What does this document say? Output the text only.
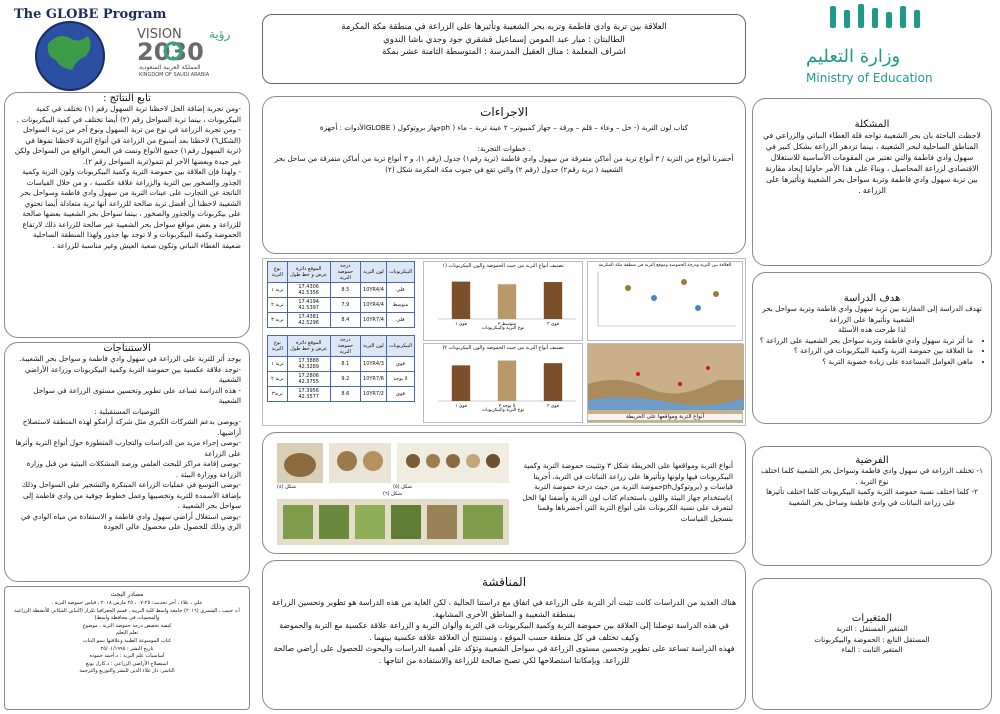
The GLOBE Program
VISION رؤية
2030
المملكة العربية السعودية
KINGDOM OF SAUDI ARABIA
وزارة التعليم
Ministry of Education
العلاقة بين تربة وادي فاطمة وتربه بحر الشعيبة وتأثيرها على الزراعة في منطقة مكة المكرمة
الطالبتان : ميار عبد المومن إسماعيل قشقري جود وجدي باشا الندوي
اشراف المعلمة : منال العقيل المدرسة : المتوسطة الثامنة عشر بمكة

تابع النتائج :

-ومن تجربة إضافة الخل لاحظنا تربة السهول رقم (١) تختلف في كمية البيكربونات ، بينما تربة السواحل رقم (٢) أيضا تختلف في كمية البيكربونات .

- ومن تجربة الزراعة في نوع من تربة السهول ونوع آخر من تربة السواحل (الشكل٦) لاحظنا بعد أسبوع من الزراعة في أنواع التربة لاحظنا نموها في (تربة السهول رقم١) جميع الأنواع ونمت في البعض الواقع من السواحل ولكن غير جيدة وبعضها الآخر لم تنمو(تربة السواحل رقم ٢).

- ولهذا فإن العلاقة بين حموضة التربة وكمية البيكربونات ولون التربة وكمية الجذور والصخور بين التربة والزراعة علاقة عكسية ، و من خلال القياسات الناتجة عن التجارب على عينات التربة من سهول وادي فاطمة وسواحل بحر الشعيبة لاحظنا أن أفضل تربة صالحة للزراعة أنها تربة متعادلة أيضا تحتوي على بيكربونات والجذور والصخور ، بينما سواحل بحر الشعيبة بعضها صالحة للزراعة و بعض مواقع سواحل بحر الشعيبة غير صالحة للزراعة ذلك لارتفاع الحموضة وكمية البيكربونات و لا توجد بها جذور ولهذا المنطقة الساحلية ضعيفة الغطاء النباتي وتكون صعبة العيش وغير مناسبة للزراعة .

الاستنتاجات

يوجد أثر للتربة على الزراعة في سهول وادي فاطمة و سواحل بحر الشعيبة.

-توجد علاقة عكسية بين حموضة التربة وكمية البيكربونات وزراعة الأراضي الشعبية

- هذه الدراسة تساعد على تطوير وتحسين مستوى الزراعة في سواحل الشعيبة

التوصيات المستقبلية :

-ويوصى بدعم الشركات الكبرى مثل شركة أرامكو لهذه المنطقة لاستصلاح أراضيها.

-يوصى إجراء مزيد من الدراسات والتجارب المتطورة حول أنواع التربة وأثرها على الزراعة

-يوصى إقامة مراكز للبحث العلمي ورصد المشكلات البيئية من قبل وزارة الزراعة ووزارة البيئة .

-يوصى التوسع في عمليات الزراعة المبتكرة والتشجير على السواحل وذلك بإضافة الأسمدة للتربة وتخصيبها وعمل خطوط جوفية من وادي فاطمة إلى سواحل بحر الشعيبة .

-يوصى استغلال أراضي سهول وادي فاطمة و الاستفادة من مياه الوادي في الري وذلك للحصول على محصول عالي الجودة

مصادر البحث

علي ، علاء ، آخر تحديث: ٠٧:٢٥ ، ٢٥ مارس ٢٠١٨ ، قياس حموضة التربة .

أ.د حبيب ، الشمري (٢٠١٦) جامعة واسط كلية التربية ، قسم الجغرافيا تكرار (التباين المكاني للأنشطة الزراعية والمحميات في محافظة واسط)

كيفية تخفيض درجة حموضة التربة ، موضوع

تعلم التعلم

كتاب الموسوعة الطبية وعلاقتها بنمو النبات

تاريخ النشر : ٢٥/٠١/١٩٩٥

أساسيات علم التربة : د.أحمد حموده

استصلاح الأراضي الزراعي : د.كارل يونغ

الناشر: دار علاء الدين للنشر والتوزيع والترجمة

الاجراءات

كتاب لون التربة (- خل – وعاء – قلم – ورقة – جهاز كمبيوتر– ٢ عينة تربة – ماء ( phجهاز بروتوكول ( GLOBEالأدوات : أجهزة

. خطوات التجربة:

أحضرنا أنواع من التربة / ٣ أنواع تربة من أماكن متفرقة من سهول وادي فاطمة (تربة رقم١) جدول (رقم ١)، و ٣ أنواع تربة من أماكن متفرقة من ساحل بحر الشعيبة ( تربة رقم٢) جدول (رقم ٢) والتي تقع في جنوب مكة المكرمة شكل (٢)

البيكربونات	لون التربة	درجة حموضة التربة	الموقع دائرة عرض و خط طول	نوع التربة
قلي	10YR4/4	8.5	17.4306 42.5356	تربة ١
متوسط	10YR4/4	7.9	17.4194 42.5397	تربة ٢
قلي	10YR7/4	8.4	17.4381 42.5296	تربة ٣
البيكربونات	لون التربة	درجة حموضة التربة	الموقع دائرة عرض و خط طول	نوع التربة
قوي	10YR4/3	8.1	17.3888 42.3289	تربة ١
لا يوجد	10YR7/6	9.2	17.2806 42.3755	تربة ٢
قوي	10YR7/2	8.6	17.3956 42.3577	تربة٣
تصنيف أنواع التربة من حيث الحموضة والون البيكربونات (١
قوي ١	متوسط ٢	قوي ٣
نوع التربة والبيكربونات
تصنيف أنواع التربة من حيث الحموضة والون البيكربونات ٢(
قوي ١	لا يوجد ٢	قوي ٣
نوع التربة والبيكربونات
العلاقة بين التربة ودرجة الحموضة وموقع التربة في منطقة مكة المكرمة
أنواع التربة ومواقعها على الخريطة

أنواع التربة ومواقعها على الخريطة شكل ٣ وتثبيت حموضة التربة وكمية البيكربونات فيها ولونها وتأثيرها على زراعة النباتات في التربة، أجرينا قياسات و (بروتوكولphحموضة التربة من حيث درجة حموضة التربة )باستخدام جهاز البيئة واللون باستخدام كتاب لون التربة وأضفنا لها الخل لنتعرف على نسبة الكربونات على أنواع التربة التي أحضرناها وقمنا بتسجيل القياسات

شكل (٤)	شكل (٥)
شكل (٦)

المناقشة

هناك العديد من الدراسات كانت تثبت أثر التربة على الزراعة في اتفاق مع دراستنا الحالية ، لكن الغاية من هذه الدراسة هو تطوير وتحسين الزراعة بمنطقة الشعيبة و المناطق الأخرى المشابهة.

في هذه الدراسة توصلنا إلى العلاقة بين حموضة التربة وكمية البيكربونات في التربة وألوان التربة و الزراعة علاقة عكسية مع التربة والحموضة وكيف تختلف في كل منطقة حسب الموقع ، ونستنتج أن العلاقة علاقة عكسية بينهما .

فهذه الدراسة تساعد على تطوير وتحسين مستوى الزراعة في سواحل الشعيبة وتؤكد على أهمية الدراسات والبحوث للحصول على أراضي صالحة للزراعة. وبإمكاننا استصلاحها لكي تصبح صالحة للزراعة والاستفادة من انتاجها .

المشكلة

لاحظت الباحثة بان بحر الشعيبة تواجه قلة الغطاء النباتي والزراعي في المناطق الساحلية لبحر الشعيبة ، بينما تزدهر الزراعة بشكل كبير في سهول وادي فاطمة والتي تعتبر من المقومات الأساسية للاستغلال الاقتصادي لزراعة المحاصيل ، وبناءً على هذا الأمر حاولنا إيجاد مقارنة بين تربة سهول وادي فاطمة وتربة سواحل بحر الشعيبة وتأثيرها على الزراعة .

هدف الدراسة

تهدف الدراسة إلى المقارنة بين تربة سهول وادي فاطمة وتربة سواحل بحر الشعيبة وتأثيرها على الزراعة

لذا طرحت هذه الأسئلة

• ما أثر تربة سهول وادي فاطمة وتربة سواحل بحر الشعيبة على الزراعة ؟
• ما العلاقة بين حموضة التربة وكمية البيكربونات في الزراعة ؟
• ماهي العوامل المساعدة على زيادة خصوبة التربة ؟

الفرضية

١- تختلف الزراعة في سهول وادي فاطمة وسواحل بحر الشعيبة كلما اختلف نوع التربة .

٢- كلما اختلف نسبة حموضة التربة وكمية البيكربونات كلما اختلف تأثيرها على زراعة النباتات في وادي فاطمة وساحل بحر الشعيبة

المتغيرات

المتغير المستقل : التربة

المستقل التابع : الحموضة والبيكربونات

المتغير الثابت : الماء
